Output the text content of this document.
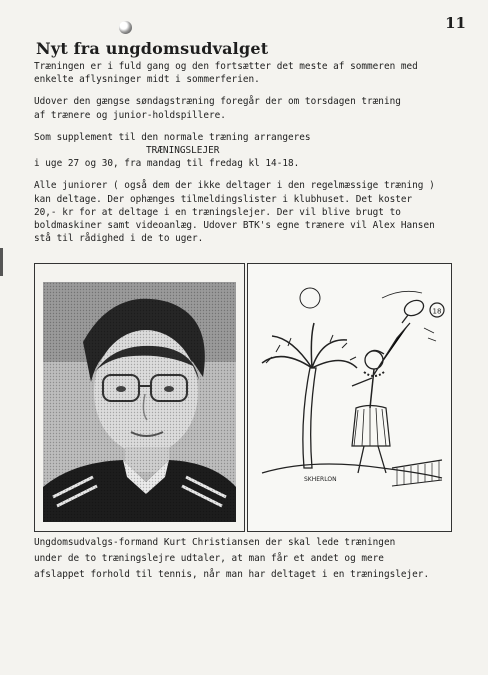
11
Nyt fra ungdomsudvalget

Træningen er i fuld gang og den fortsætter det meste af sommeren med
enkelte aflysninger midt i sommerferien.

Udover den gængse søndagstræning foregår der om torsdagen træning
af trænere og junior-holdspillere.

Som supplement til den normale træning arrangeres
TRÆNINGSLEJER
i uge 27 og 30, fra mandag til fredag kl 14-18.

Alle juniorer ( også dem der ikke deltager i den regelmæssige træning )
kan deltage. Der ophænges tilmeldingslister i klubhuset. Det koster
20,- kr for at deltage i en træningslejer. Der vil blive brugt to
boldmaskiner samt videoanlæg. Udover BTK's egne trænere vil Alex Hansen
stå til rådighed i de to uger.

18
SKHERLON
Ungdomsudvalgs-formand Kurt Christiansen der skal lede træningen
under de to træningslejre udtaler, at man får et andet og mere
afslappet forhold til tennis, når man har deltaget i en træningslejer.
